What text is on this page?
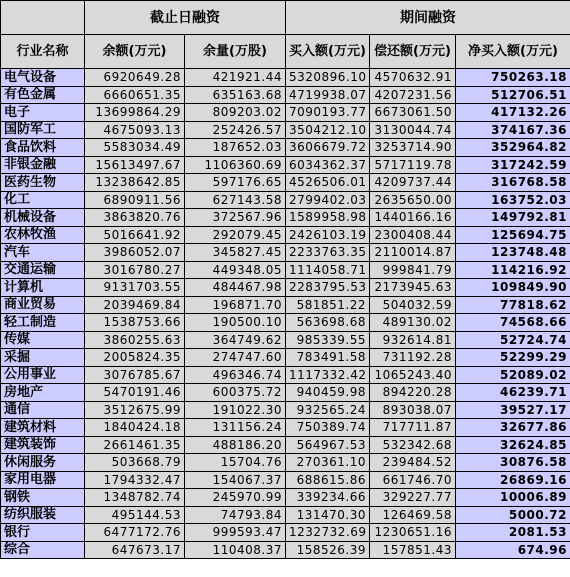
	截止日融资		期间融资		
行业名称	余额(万元)	余量(万股)	买入额(万元)	偿还额(万元)	净买入额(万元)
电气设备	6920649.28	421921.44	5320896.10	4570632.91	750263.18
有色金属	6660651.35	635163.68	4719938.07	4207231.56	512706.51
电子	13699864.29	809203.02	7090193.77	6673061.50	417132.26
国防军工	4675093.13	252426.57	3504212.10	3130044.74	374167.36
食品饮料	5583034.49	187652.03	3606679.72	3253714.90	352964.82
非银金融	15613497.67	1106360.69	6034362.37	5717119.78	317242.59
医药生物	13238642.85	597176.65	4526506.01	4209737.44	316768.58
化工	6890911.56	627143.58	2799402.03	2635650.00	163752.03
机械设备	3863820.76	372567.96	1589958.98	1440166.16	149792.81
农林牧渔	5016641.92	292079.45	2426103.19	2300408.44	125694.75
汽车	3986052.07	345827.45	2233763.35	2110014.87	123748.48
交通运输	3016780.27	449348.05	1114058.71	999841.79	114216.92
计算机	9131703.55	484467.98	2283795.53	2173945.63	109849.90
商业贸易	2039469.84	196871.70	581851.22	504032.59	77818.62
轻工制造	1538753.66	190500.10	563698.68	489130.02	74568.66
传媒	3860255.63	364749.62	985339.55	932614.81	52724.74
采掘	2005824.35	274747.60	783491.58	731192.28	52299.29
公用事业	3076785.67	496346.74	1117332.42	1065243.40	52089.02
房地产	5470191.46	600375.72	940459.98	894220.28	46239.71
通信	3512675.99	191022.30	932565.24	893038.07	39527.17
建筑材料	1840424.18	131156.24	750389.74	717711.87	32677.86
建筑装饰	2661461.35	488186.20	564967.53	532342.68	32624.85
休闲服务	503668.79	15704.76	270361.10	239484.52	30876.58
家用电器	1794332.47	154067.37	688615.86	661746.70	26869.16
钢铁	1348782.74	245970.99	339234.66	329227.77	10006.89
纺织服装	495144.53	74793.84	131470.30	126469.58	5000.72
银行	6477172.76	999593.47	1232732.69	1230651.16	2081.53
综合	647673.17	110408.37	158526.39	157851.43	674.96
